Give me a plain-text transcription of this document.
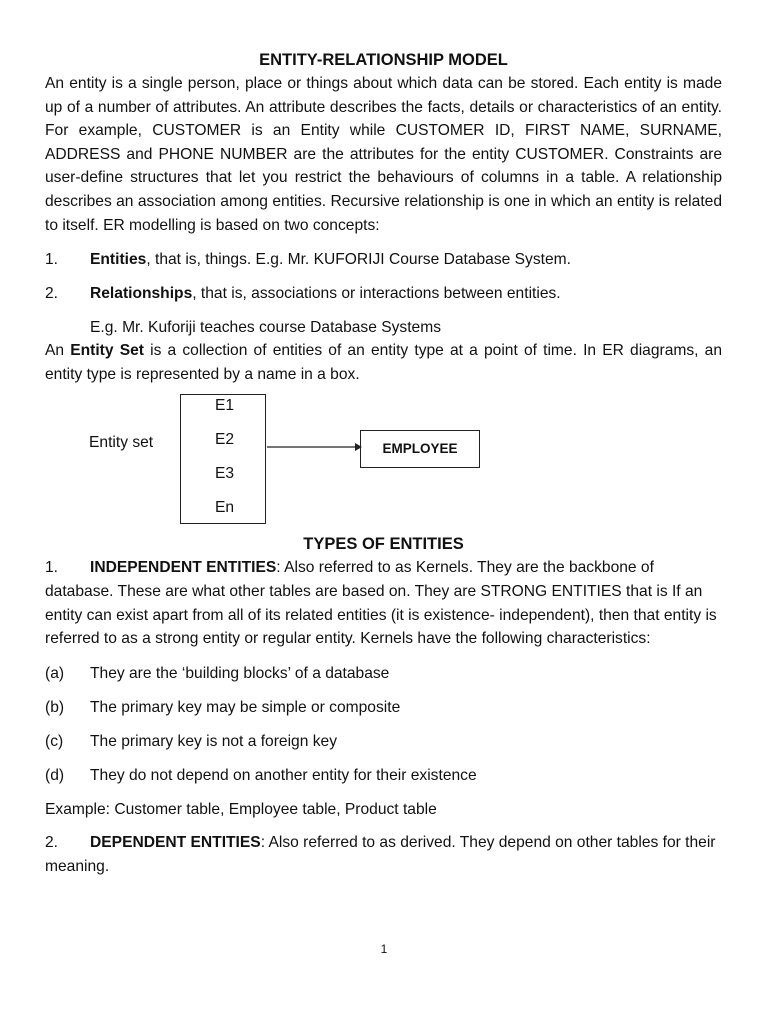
ENTITY-RELATIONSHIP MODEL

An entity is a single person, place or things about which data can be stored. Each entity is made up of a number of attributes. An attribute describes the facts, details or characteristics of an entity. For example, CUSTOMER is an Entity while CUSTOMER ID, FIRST NAME, SURNAME, ADDRESS and PHONE NUMBER are the attributes for the entity CUSTOMER. Constraints are user-define structures that let you restrict the behaviours of columns in a table. A relationship describes an association among entities. Recursive relationship is one in which an entity is related to itself. ER modelling is based on two concepts:

1.	Entities, that is, things. E.g. Mr. KUFORIJI Course Database System.
2.	Relationships, that is, associations or interactions between entities.

E.g. Mr. Kuforiji teaches course Database Systems

An Entity Set is a collection of entities of an entity type at a point of time. In ER diagrams, an entity type is represented by a name in a box.

Entity set
E1
E2
E3
En
EMPLOYEE
TYPES OF ENTITIES

1. INDEPENDENT ENTITIES: Also referred to as Kernels. They are the backbone of database. These are what other tables are based on. They are STRONG ENTITIES that is If an entity can exist apart from all of its related entities (it is existence- independent), then that entity is referred to as a strong entity or regular entity. Kernels have the following characteristics:

(a)	They are the ‘building blocks’ of a database
(b)	The primary key may be simple or composite
(c)	The primary key is not a foreign key
(d)	They do not depend on another entity for their existence

Example: Customer table, Employee table, Product table

2. DEPENDENT ENTITIES: Also referred to as derived. They depend on other tables for their meaning.

1
